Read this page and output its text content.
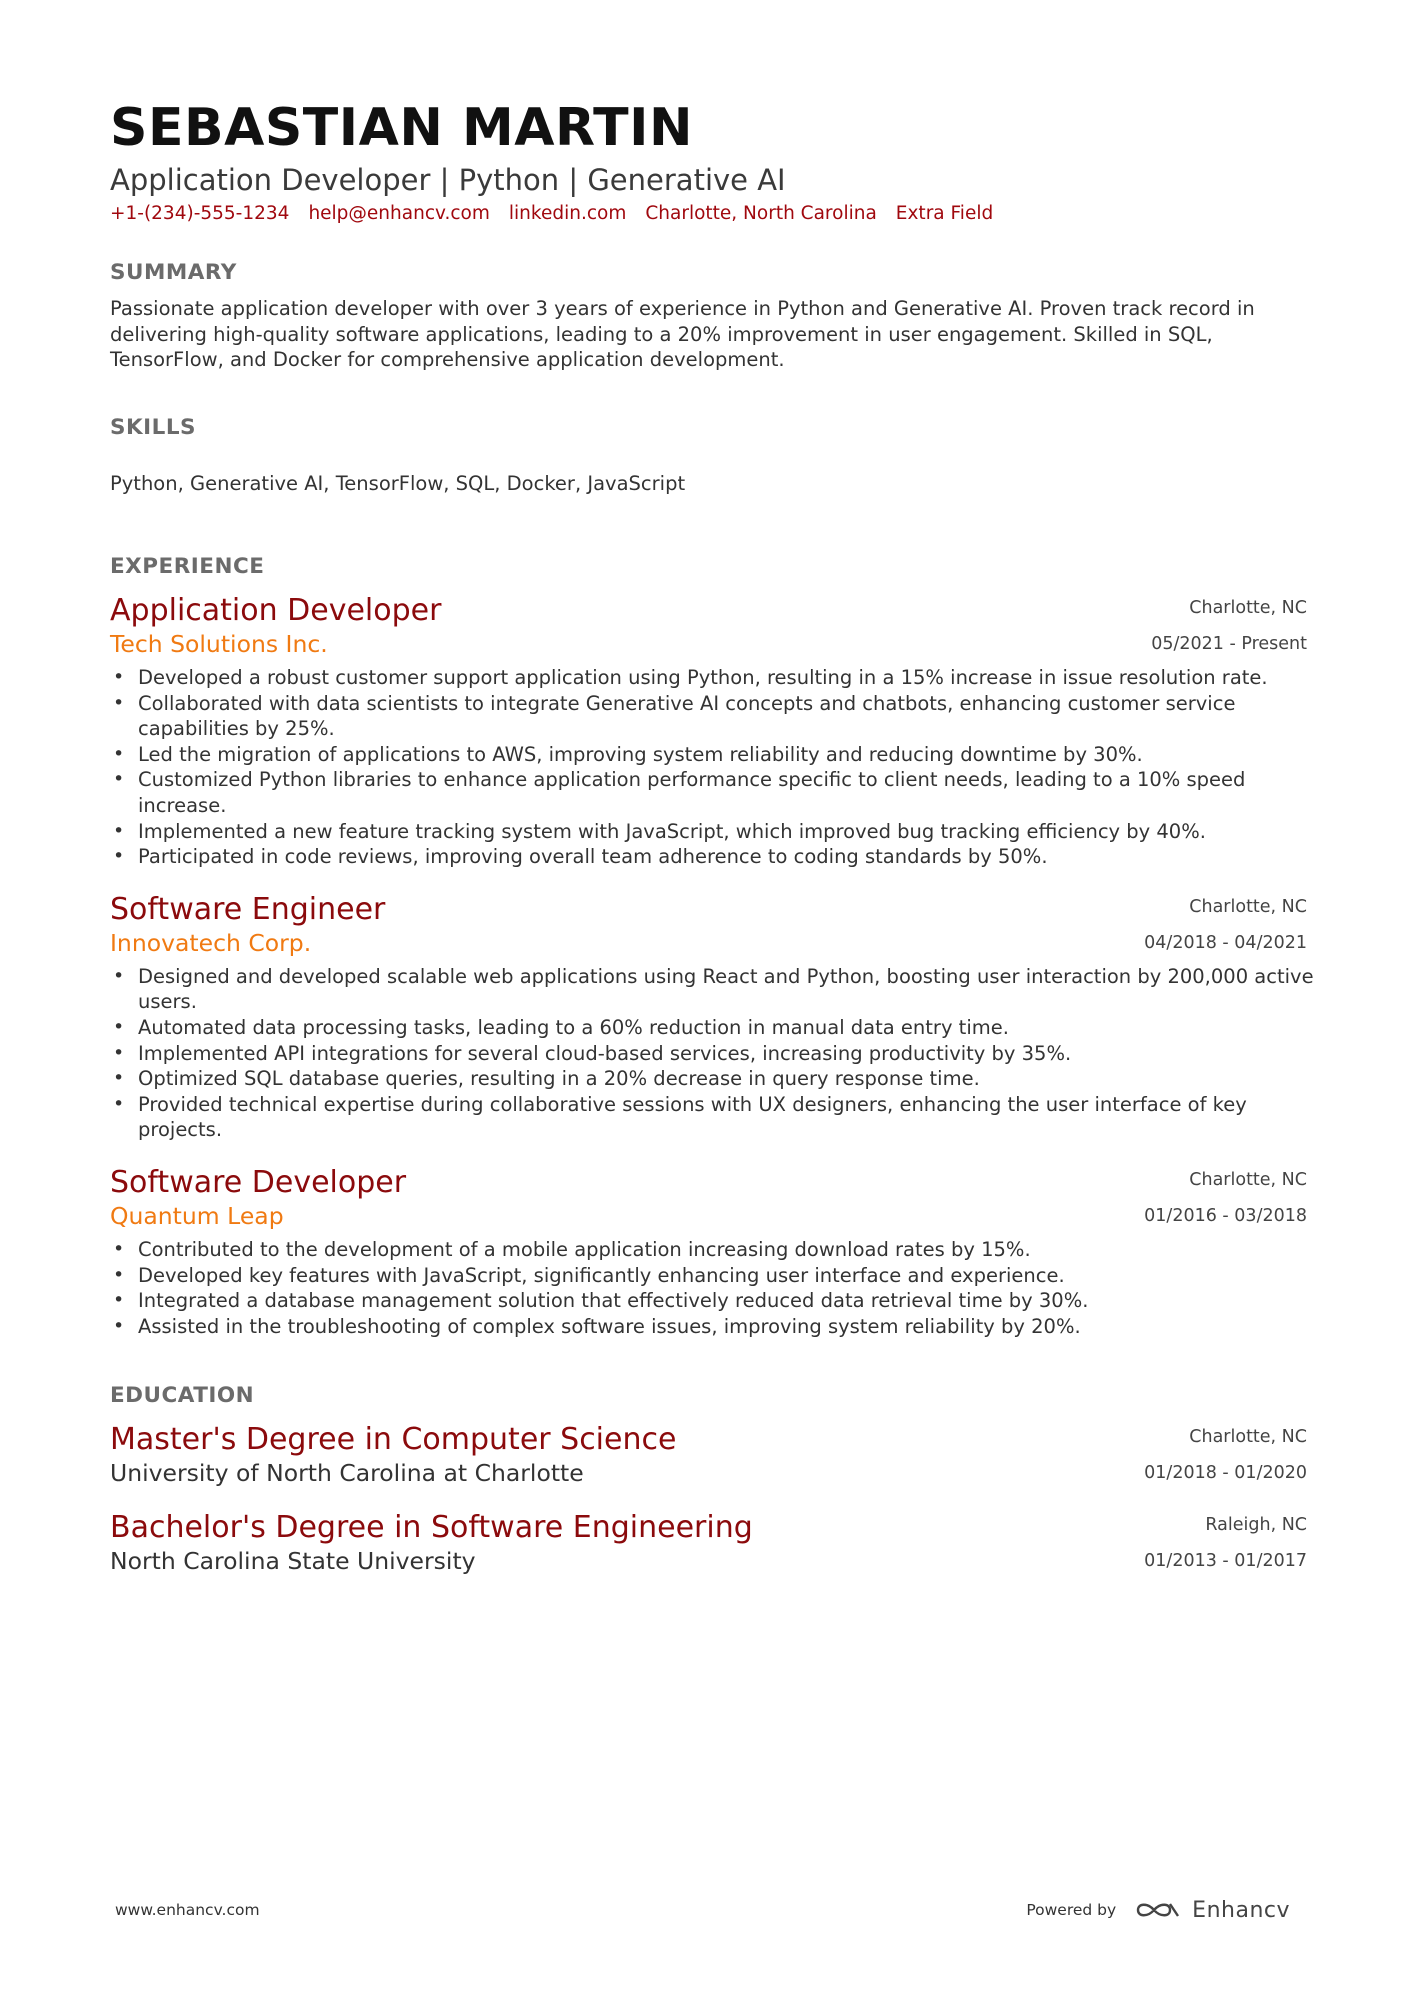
SEBASTIAN MARTIN
Application Developer | Python | Generative AI
+1-(234)-555-1234 help@enhancv.com linkedin.com Charlotte, North Carolina Extra Field
SUMMARY

Passionate application developer with over 3 years of experience in Python and Generative AI. Proven track record in delivering high-quality software applications, leading to a 20% improvement in user engagement. Skilled in SQL, TensorFlow, and Docker for comprehensive application development.

SKILLS

Python, Generative AI, TensorFlow, SQL, Docker, JavaScript

EXPERIENCE
Application Developer
Tech Solutions Inc.
Charlotte, NC
05/2021 - Present
• Developed a robust customer support application using Python, resulting in a 15% increase in issue resolution rate.
• Collaborated with data scientists to integrate Generative AI concepts and chatbots, enhancing customer service capabilities by 25%.
• Led the migration of applications to AWS, improving system reliability and reducing downtime by 30%.
• Customized Python libraries to enhance application performance specific to client needs, leading to a 10% speed increase.
• Implemented a new feature tracking system with JavaScript, which improved bug tracking efficiency by 40%.
• Participated in code reviews, improving overall team adherence to coding standards by 50%.
Software Engineer
Innovatech Corp.
Charlotte, NC
04/2018 - 04/2021
• Designed and developed scalable web applications using React and Python, boosting user interaction by 200,000 active users.
• Automated data processing tasks, leading to a 60% reduction in manual data entry time.
• Implemented API integrations for several cloud-based services, increasing productivity by 35%.
• Optimized SQL database queries, resulting in a 20% decrease in query response time.
• Provided technical expertise during collaborative sessions with UX designers, enhancing the user interface of key projects.
Software Developer
Quantum Leap
Charlotte, NC
01/2016 - 03/2018
• Contributed to the development of a mobile application increasing download rates by 15%.
• Developed key features with JavaScript, significantly enhancing user interface and experience.
• Integrated a database management solution that effectively reduced data retrieval time by 30%.
• Assisted in the troubleshooting of complex software issues, improving system reliability by 20%.
EDUCATION
Master's Degree in Computer Science
University of North Carolina at Charlotte
Charlotte, NC
01/2018 - 01/2020
Bachelor's Degree in Software Engineering
North Carolina State University
Raleigh, NC
01/2013 - 01/2017
www.enhancv.com	Powered by	Enhancv
